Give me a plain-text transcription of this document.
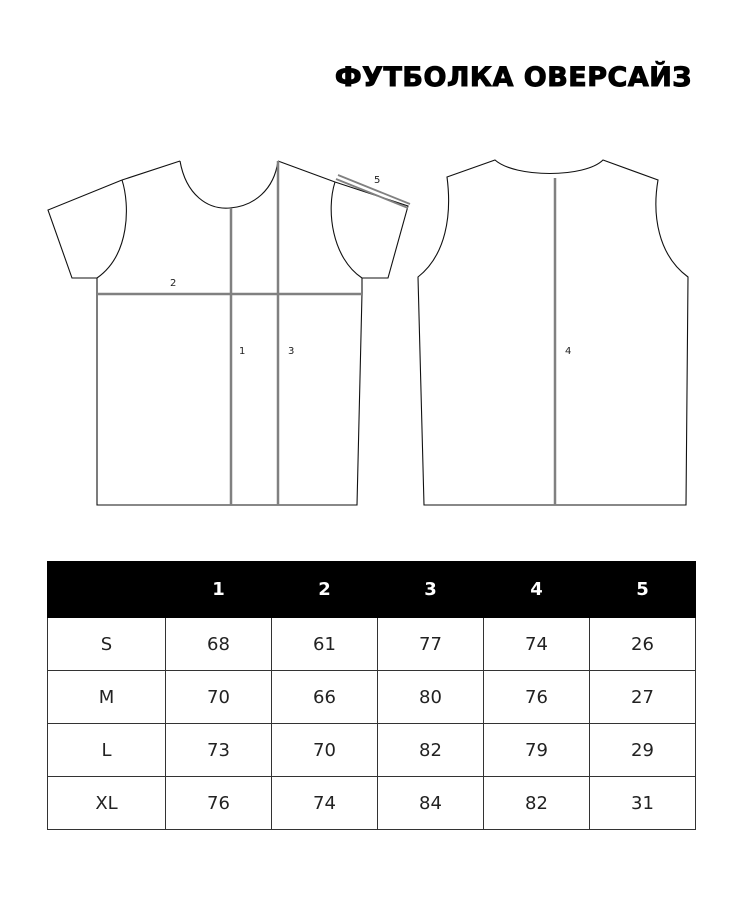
ФУТБОЛКА ОВЕРСАЙЗ
1
2
3
5
4
	1	2	3	4	5
S	68	61	77	74	26
M	70	66	80	76	27
L	73	70	82	79	29
XL	76	74	84	82	31
